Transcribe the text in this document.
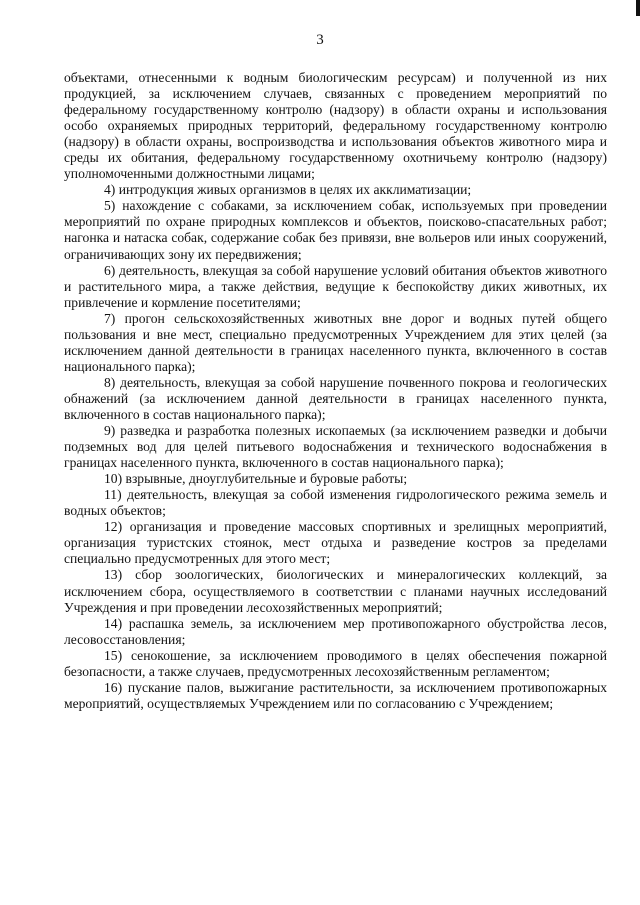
3

объектами, отнесенными к водным биологическим ресурсам) и полученной из них продукцией, за исключением случаев, связанных с проведением мероприятий по федеральному государственному контролю (надзору) в области охраны и использования особо охраняемых природных территорий, федеральному государственному контролю (надзору) в области охраны, воспроизводства и использования объектов животного мира и среды их обитания, федеральному государственному охотничьему контролю (надзору) уполномоченными должностными лицами;

4) интродукция живых организмов в целях их акклиматизации;

5) нахождение с собаками, за исключением собак, используемых при проведении мероприятий по охране природных комплексов и объектов, поисково-спасательных работ; нагонка и натаска собак, содержание собак без привязи, вне вольеров или иных сооружений, ограничивающих зону их передвижения;

6) деятельность, влекущая за собой нарушение условий обитания объектов животного и растительного мира, а также действия, ведущие к беспокойству диких животных, их привлечение и кормление посетителями;

7) прогон сельскохозяйственных животных вне дорог и водных путей общего пользования и вне мест, специально предусмотренных Учреждением для этих целей (за исключением данной деятельности в границах населенного пункта, включенного в состав национального парка);

8) деятельность, влекущая за собой нарушение почвенного покрова и геологических обнажений (за исключением данной деятельности в границах населенного пункта, включенного в состав национального парка);

9) разведка и разработка полезных ископаемых (за исключением разведки и добычи подземных вод для целей питьевого водоснабжения и технического водоснабжения в границах населенного пункта, включенного в состав национального парка);

10) взрывные, дноуглубительные и буровые работы;

11) деятельность, влекущая за собой изменения гидрологического режима земель и водных объектов;

12) организация и проведение массовых спортивных и зрелищных мероприятий, организация туристских стоянок, мест отдыха и разведение костров за пределами специально предусмотренных для этого мест;

13) сбор зоологических, биологических и минералогических коллекций, за исключением сбора, осуществляемого в соответствии с планами научных исследований Учреждения и при проведении лесохозяйственных мероприятий;

14) распашка земель, за исключением мер противопожарного обустройства лесов, лесовосстановления;

15) сенокошение, за исключением проводимого в целях обеспечения пожарной безопасности, а также случаев, предусмотренных лесохозяйственным регламентом;

16) пускание палов, выжигание растительности, за исключением противопожарных мероприятий, осуществляемых Учреждением или по согласованию с Учреждением;
